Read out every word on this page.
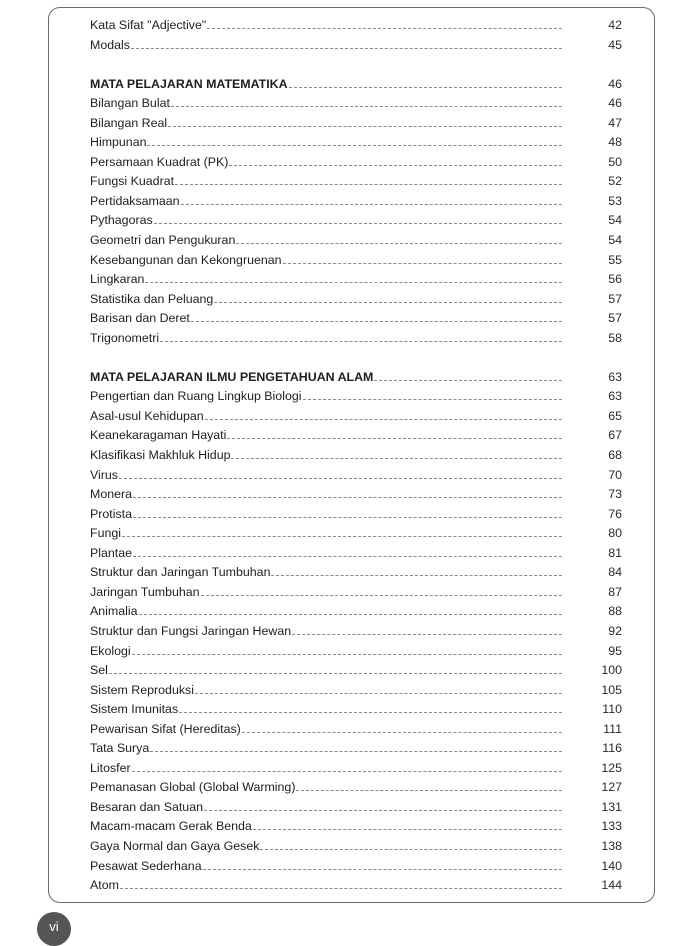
Kata Sifat "Adjective"	42
Modals	45
MATA PELAJARAN MATEMATIKA	46
Bilangan Bulat	46
Bilangan Real	47
Himpunan	48
Persamaan Kuadrat (PK)	50
Fungsi Kuadrat	52
Pertidaksamaan	53
Pythagoras	54
Geometri dan Pengukuran	54
Kesebangunan dan Kekongruenan	55
Lingkaran	56
Statistika dan Peluang	57
Barisan dan Deret	57
Trigonometri	58
MATA PELAJARAN ILMU PENGETAHUAN ALAM	63
Pengertian dan Ruang Lingkup Biologi	63
Asal-usul Kehidupan	65
Keanekaragaman Hayati	67
Klasifikasi Makhluk Hidup	68
Virus	70
Monera	73
Protista	76
Fungi	80
Plantae	81
Struktur dan Jaringan Tumbuhan	84
Jaringan Tumbuhan	87
Animalia	88
Struktur dan Fungsi Jaringan Hewan	92
Ekologi	95
Sel	100
Sistem Reproduksi	105
Sistem Imunitas	110
Pewarisan Sifat (Hereditas)	111
Tata Surya	116
Litosfer	125
Pemanasan Global (Global Warming)	127
Besaran dan Satuan	131
Macam-macam Gerak Benda	133
Gaya Normal dan Gaya Gesek	138
Pesawat Sederhana	140
Atom	144
vi
